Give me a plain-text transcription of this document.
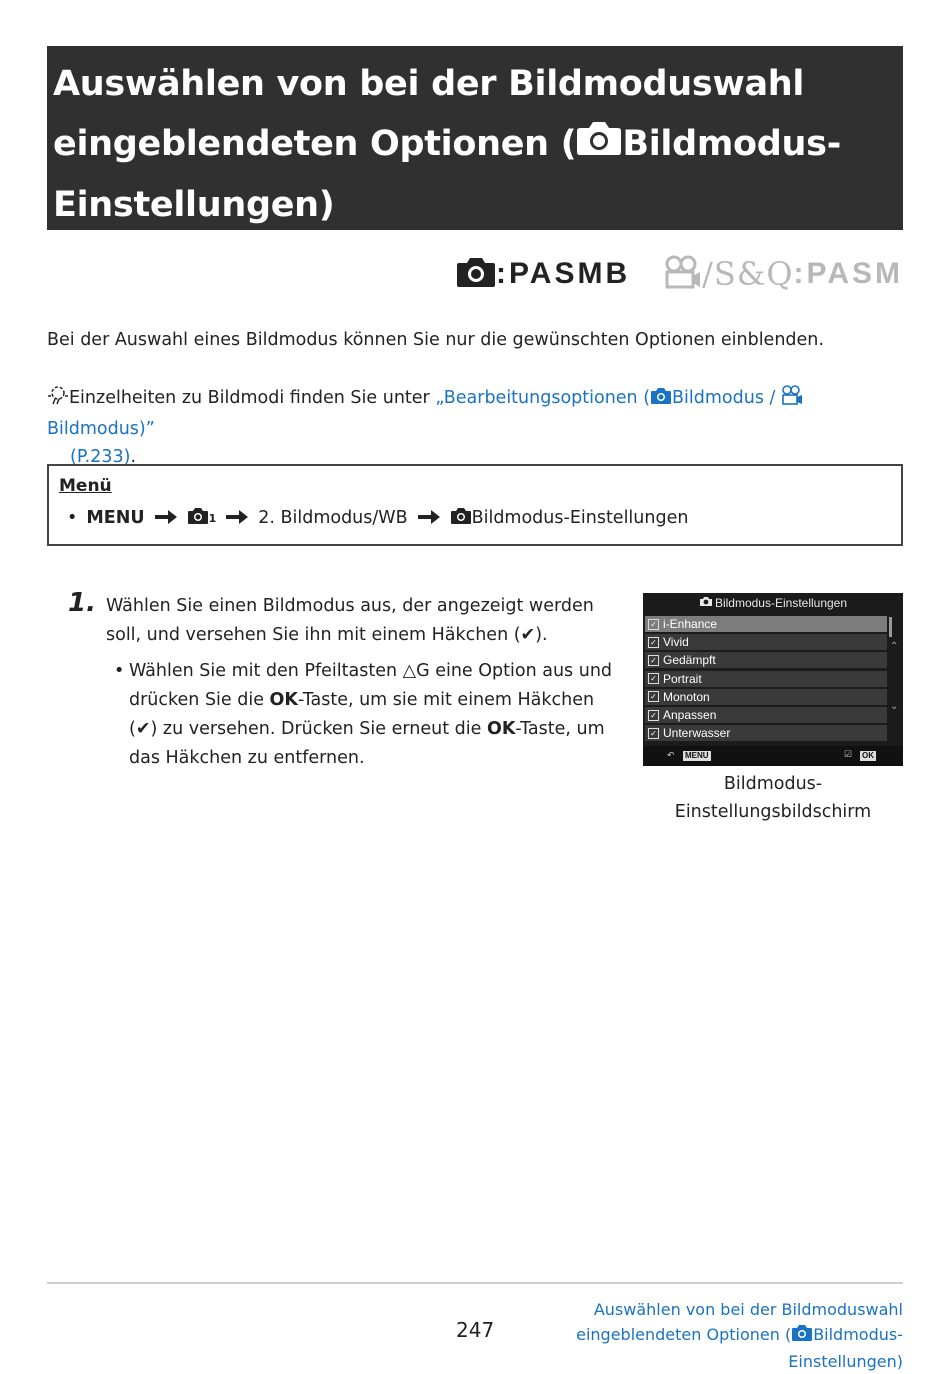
Auswählen von bei der Bildmoduswahl
eingeblendeten Optionen ( Bildmodus-
Einstellungen)
:PASMB /S&Q :PASM
Bei der Auswahl eines Bildmodus können Sie nur die gewünschten Optionen einblenden.
Einzelheiten zu Bildmodi finden Sie unter „Bearbeitungsoptionen ( Bildmodus / Bildmodus)”
(P.233).
Menü
• MENU	1 2. Bildmodus/WB	Bildmodus-Einstellungen
1. Wählen Sie einen Bildmodus aus, der angezeigt werden soll, und versehen Sie ihn mit einem Häkchen (✔).
• Wählen Sie mit den Pfeiltasten △G eine Option aus und drücken Sie die OK-Taste, um sie mit einem Häkchen (✔) zu versehen. Drücken Sie erneut die OK-Taste, um das Häkchen zu entfernen.
Bildmodus-Einstellungen
✓ i-Enhance
✓ Vivid
✓ Gedämpft
✓ Portrait
✓ Monoton
✓ Anpassen
✓ Unterwasser
⌃
⌄
↶ MENU	☑ OK
Bildmodus-Einstellungsbildschirm
247
Auswählen von bei der Bildmoduswahl eingeblendeten Optionen ( Bildmodus-Einstellungen)
